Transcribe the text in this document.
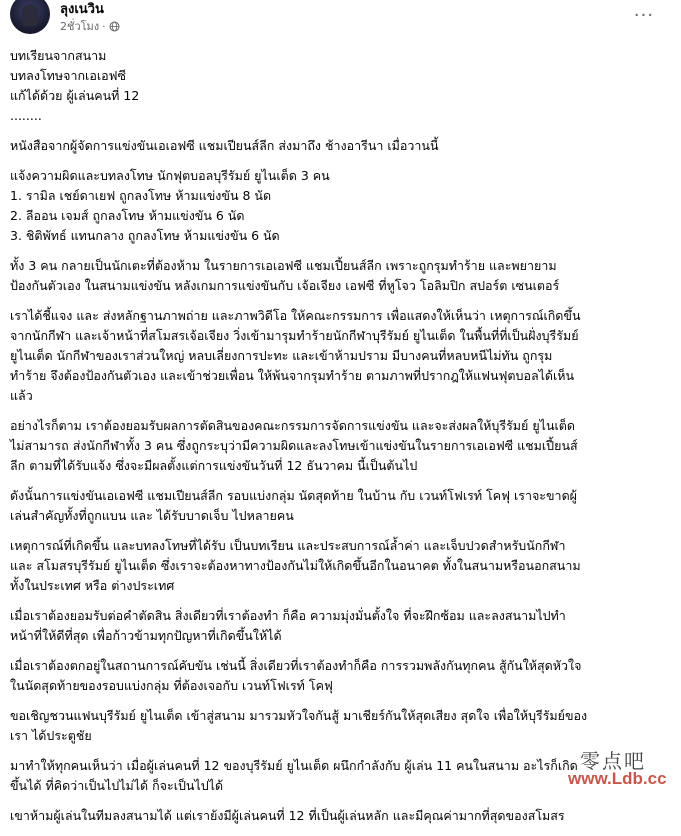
ลุงเนวิน
2ชั่วโมง ·
···
บทเรียนจากสนาม
บทลงโทษจากเอเอฟซี
แก้ได้ด้วย ผู้เล่นคนที่ 12
........
หนังสือจากผู้จัดการแข่งขันเอเอฟซี แชมเปียนส์ลีก ส่งมาถึง ช้างอารีนา เมื่อวานนี้
แจ้งความผิดและบทลงโทษ นักฟุตบอลบุรีรัมย์ ยูไนเต็ด 3 คน
1. รามิล เชย์ดาเยฟ ถูกลงโทษ ห้ามแข่งขัน 8 นัด
2. ลีออน เจมส์ ถูกลงโทษ ห้ามแข่งขัน 6 นัด
3. ชิติพัทธ์ แทนกลาง ถูกลงโทษ ห้ามแข่งขัน 6 นัด
ทั้ง 3 คน กลายเป็นนักเตะที่ต้องห้าม ในรายการเอเอฟซี แชมเปี้ยนส์ลีก เพราะถูกรุมทำร้าย และพยายาม
ป้องกันตัวเอง ในสนามแข่งขัน หลังเกมการแข่งขันกับ เจ้อเจียง เอฟซี ที่หูโจว โอลิมปิก สปอร์ต เซนเตอร์
เราได้ชี้แจง และ ส่งหลักฐานภาพถ่าย และภาพวิดีโอ ให้คณะกรรมการ เพื่อแสดงให้เห็นว่า เหตุการณ์เกิดขึ้น
จากนักกีฬา และเจ้าหน้าที่สโมสรเจ้อเจียง วิ่งเข้ามารุมทำร้ายนักกีฬาบุรีรัมย์ ยูไนเต็ด ในพื้นที่ที่เป็นฝั่งบุรีรัมย์
ยูไนเต็ด นักกีฬาของเราส่วนใหญ่ หลบเลี่ยงการปะทะ และเข้าห้ามปราม มีบางคนที่หลบหนีไม่ทัน ถูกรุม
ทำร้าย จึงต้องป้องกันตัวเอง และเข้าช่วยเพื่อน ให้พ้นจากรุมทำร้าย ตามภาพที่ปรากฎให้แฟนฟุตบอลได้เห็น
แล้ว
อย่างไรก็ตาม เราต้องยอมรับผลการตัดสินของคณะกรรมการจัดการแข่งขัน และจะส่งผลให้บุรีรัมย์ ยูไนเต็ด
ไม่สามารถ ส่งนักกีฬาทั้ง 3 คน ซึ่งถูกระบุว่ามีความผิดและลงโทษเข้าแข่งขันในรายการเอเอฟซี แชมเปี้ยนส์
ลีก ตามที่ได้รับแจ้ง ซึ่งจะมีผลตั้งแต่การแข่งขันวันที่ 12 ธันวาคม นี้เป็นต้นไป
ดังนั้นการแข่งขันเอเอฟซี แชมเปียนส์ลีก รอบแบ่งกลุ่ม นัดสุดท้าย ในบ้าน กับ เวนท์โฟเรท์ โคฟุ เราจะขาดผู้
เล่นสำคัญทั้งที่ถูกแบน และ ได้รับบาดเจ็บ ไปหลายคน
เหตุการณ์ที่เกิดขึ้น และบทลงโทษที่ได้รับ เป็นบทเรียน และประสบการณ์ล้ำค่า และเจ็บปวดสำหรับนักกีฬา
และ สโมสรบุรีรัมย์ ยูไนเต็ด ซึ่งเราจะต้องหาทางป้องกันไม่ให้เกิดขึ้นอีกในอนาคต ทั้งในสนามหรือนอกสนาม
ทั้งในประเทศ หรือ ต่างประเทศ
เมื่อเราต้องยอมรับต่อคำตัดสิน สิ่งเดียวที่เราต้องทำ ก็คือ ความมุ่งมั่นตั้งใจ ที่จะฝึกซ้อม และลงสนามไปทำ
หน้าที่ให้ดีที่สุด เพื่อก้าวข้ามทุกปัญหาที่เกิดขึ้นให้ได้
เมื่อเราต้องตกอยู่ในสถานการณ์คับขัน เช่นนี้ สิ่งเดียวที่เราต้องทำก็คือ การรวมพลังกันทุกคน สู้กันให้สุดหัวใจ
ในนัดสุดท้ายของรอบแบ่งกลุ่ม ที่ต้องเจอกับ เวนท์โฟเรท์ โคฟุ
ขอเชิญชวนแฟนบุรีรัมย์ ยูไนเต็ด เข้าสู่สนาม มารวมหัวใจกันสู้ มาเชียร์กันให้สุดเสียง สุดใจ เพื่อให้บุรีรัมย์ของ
เรา ได้ประตูชัย
มาทำให้ทุกคนเห็นว่า เมื่อผู้เล่นคนที่ 12 ของบุรีรัมย์ ยูไนเต็ด ผนึกกำลังกับ ผู้เล่น 11 คนในสนาม อะไรก็เกิด
ขึ้นได้ ที่คิดว่าเป็นไปไม่ได้ ก็จะเป็นไปได้
เขาห้ามผู้เล่นในทีมลงสนามได้ แต่เราย้งมีผู้เล่นคนที่ 12 ที่เป็นผู้เล่นหลัก และมีคุณค่ามากที่สุดของสโมสร
零点吧
www.Ldb.cc
